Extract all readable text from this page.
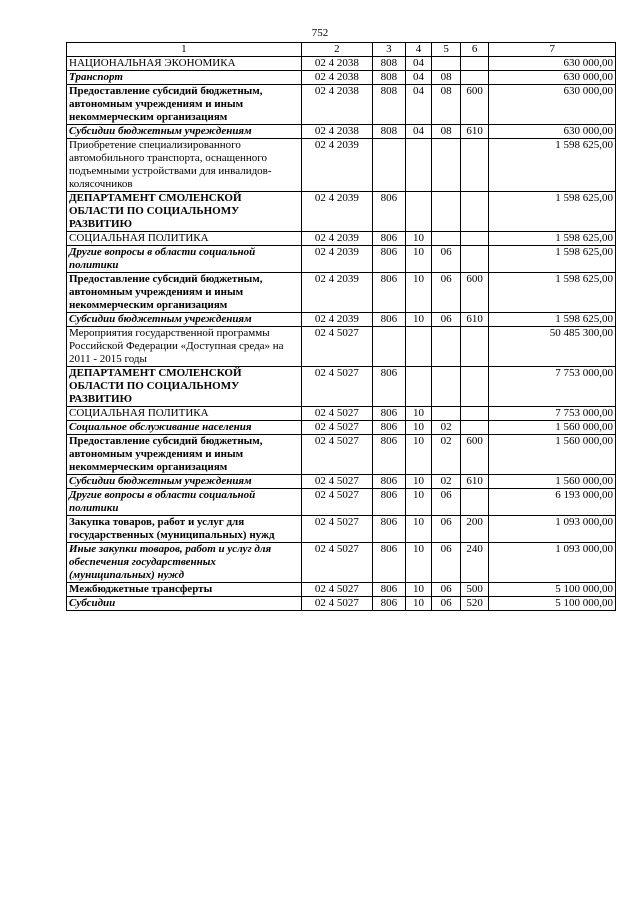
752
1	2	3	4	5	6	7
НАЦИОНАЛЬНАЯ ЭКОНОМИКА	02 4 2038	808	04			630 000,00
Транспорт	02 4 2038	808	04	08		630 000,00
Предоставление субсидий бюджетным, автономным учреждениям и иным некоммерческим организациям	02 4 2038	808	04	08	600	630 000,00
Субсидии бюджетным учреждениям	02 4 2038	808	04	08	610	630 000,00
Приобретение специализированного автомобильного транспорта, оснащенного подъемными устройствами для инвалидов-колясочников	02 4 2039					1 598 625,00
ДЕПАРТАМЕНТ СМОЛЕНСКОЙ ОБЛАСТИ ПО СОЦИАЛЬНОМУ РАЗВИТИЮ	02 4 2039	806				1 598 625,00
СОЦИАЛЬНАЯ ПОЛИТИКА	02 4 2039	806	10			1 598 625,00
Другие вопросы в области социальной политики	02 4 2039	806	10	06		1 598 625,00
Предоставление субсидий бюджетным, автономным учреждениям и иным некоммерческим организациям	02 4 2039	806	10	06	600	1 598 625,00
Субсидии бюджетным учреждениям	02 4 2039	806	10	06	610	1 598 625,00
Мероприятия государственной программы Российской Федерации «Доступная среда» на 2011 - 2015 годы	02 4 5027					50 485 300,00
ДЕПАРТАМЕНТ СМОЛЕНСКОЙ ОБЛАСТИ ПО СОЦИАЛЬНОМУ РАЗВИТИЮ	02 4 5027	806				7 753 000,00
СОЦИАЛЬНАЯ ПОЛИТИКА	02 4 5027	806	10			7 753 000,00
Социальное обслуживание населения	02 4 5027	806	10	02		1 560 000,00
Предоставление субсидий бюджетным, автономным учреждениям и иным некоммерческим организациям	02 4 5027	806	10	02	600	1 560 000,00
Субсидии бюджетным учреждениям	02 4 5027	806	10	02	610	1 560 000,00
Другие вопросы в области социальной политики	02 4 5027	806	10	06		6 193 000,00
Закупка товаров, работ и услуг для государственных (муниципальных) нужд	02 4 5027	806	10	06	200	1 093 000,00
Иные закупки товаров, работ и услуг для обеспечения государственных (муниципальных) нужд	02 4 5027	806	10	06	240	1 093 000,00
Межбюджетные трансферты	02 4 5027	806	10	06	500	5 100 000,00
Субсидии	02 4 5027	806	10	06	520	5 100 000,00
